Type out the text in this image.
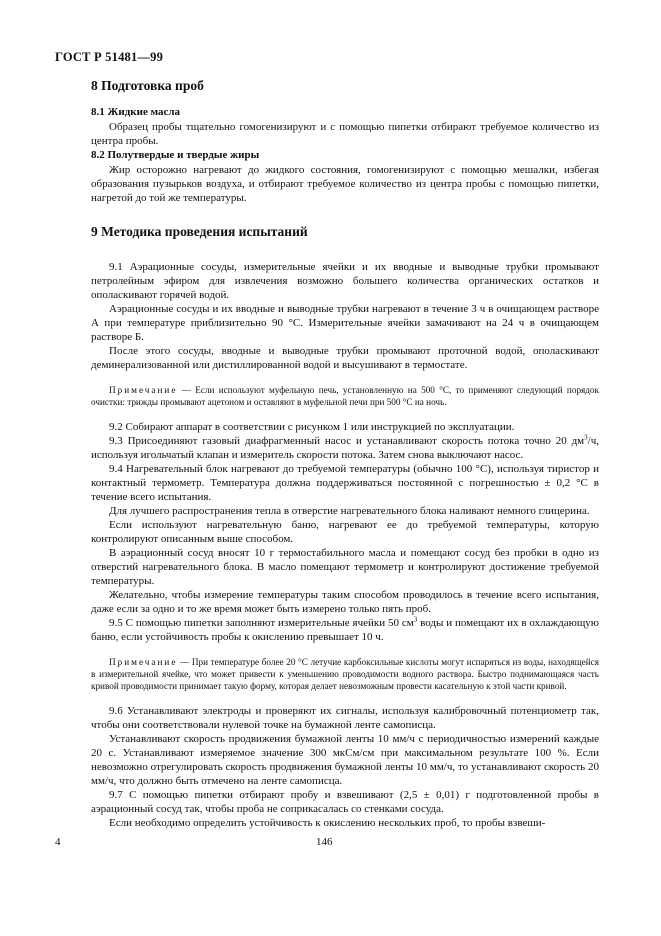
ГОСТ Р 51481—99
8 Подготовка проб
8.1 Жидкие масла

Образец пробы тщательно гомогенизируют и с помощью пипетки отбирают требуемое количество из центра пробы.

8.2 Полутвердые и твердые жиры

Жир осторожно нагревают до жидкого состояния, гомогенизируют с помощью мешалки, избегая образования пузырьков воздуха, и отбирают требуемое количество из центра пробы с помощью пипетки, нагретой до той же температуры.

9 Методика проведения испытаний

9.1 Аэрационные сосуды, измерительные ячейки и их вводные и выводные трубки промывают петролейным эфиром для извлечения возможно большего количества органических остатков и ополаскивают горячей водой.

Аэрационные сосуды и их вводные и выводные трубки нагревают в течение 3 ч в очищающем растворе А при температуре приблизительно 90 °С. Измерительные ячейки замачивают на 24 ч в очищающем растворе Б.

После этого сосуды, вводные и выводные трубки промывают проточной водой, ополаскивают деминерализованной или дистиллированной водой и высушивают в термостате.

Примечание — Если используют муфельную печь, установленную на 500 °С, то применяют следующий порядок очистки: трижды промывают ацетоном и оставляют в муфельной печи при 500 °С на ночь.

9.2 Собирают аппарат в соответствии с рисунком 1 или инструкцией по эксплуатации.

9.3 Присоединяют газовый диафрагменный насос и устанавливают скорость потока точно 20 $дм^3/ч$, используя игольчатый клапан и измеритель скорости потока. Затем снова выключают насос.

9.4 Нагревательный блок нагревают до требуемой температуры (обычно 100 °С), используя тиристор и контактный термометр. Температура должна поддерживаться постоянной с погрешностью ± 0,2 °С в течение всего испытания.

Для лучшего распространения тепла в отверстие нагревательного блока наливают немного глицерина.

Если используют нагревательную баню, нагревают ее до требуемой температуры, которую контролируют описанным выше способом.

В аэрационный сосуд вносят 10 г термостабильного масла и помещают сосуд без пробки в одно из отверстий нагревательного блока. В масло помещают термометр и контролируют достижение требуемой температуры.

Желательно, чтобы измерение температуры таким способом проводилось в течение всего испытания, даже если за одно и то же время может быть измерено только пять проб.

9.5 С помощью пипетки заполняют измерительные ячейки 50 $см^3$ воды и помещают их в охлаждающую баню, если устойчивость пробы к окислению превышает 10 ч.

Примечание — При температуре более 20 °С летучие карбоксильные кислоты могут испаряться из воды, находящейся в измерительной ячейке, что может привести к уменьшению проводимости водного раствора. Быстро поднимающаяся часть кривой проводимости принимает такую форму, которая делает невозможным провести касательную к этой части кривой.

9.6 Устанавливают электроды и проверяют их сигналы, используя калибровочный потенциометр так, чтобы они соответствовали нулевой точке на бумажной ленте самописца.

Устанавливают скорость продвижения бумажной ленты 10 мм/ч с периодичностью измерений каждые 20 с. Устанавливают измеряемое значение 300 мкСм/см при максимальном результате 100 %. Если невозможно отрегулировать скорость продвижения бумажной ленты 10 мм/ч, то устанавливают скорость 20 мм/ч, что должно быть отмечено на ленте самописца.

9.7 С помощью пипетки отбирают пробу и взвешивают (2,5 ± 0,01) г подготовленной пробы в аэрационный сосуд так, чтобы проба не соприкасалась со стенками сосуда.

Если необходимо определить устойчивость к окислению нескольких проб, то пробы взвеши-

4	146
